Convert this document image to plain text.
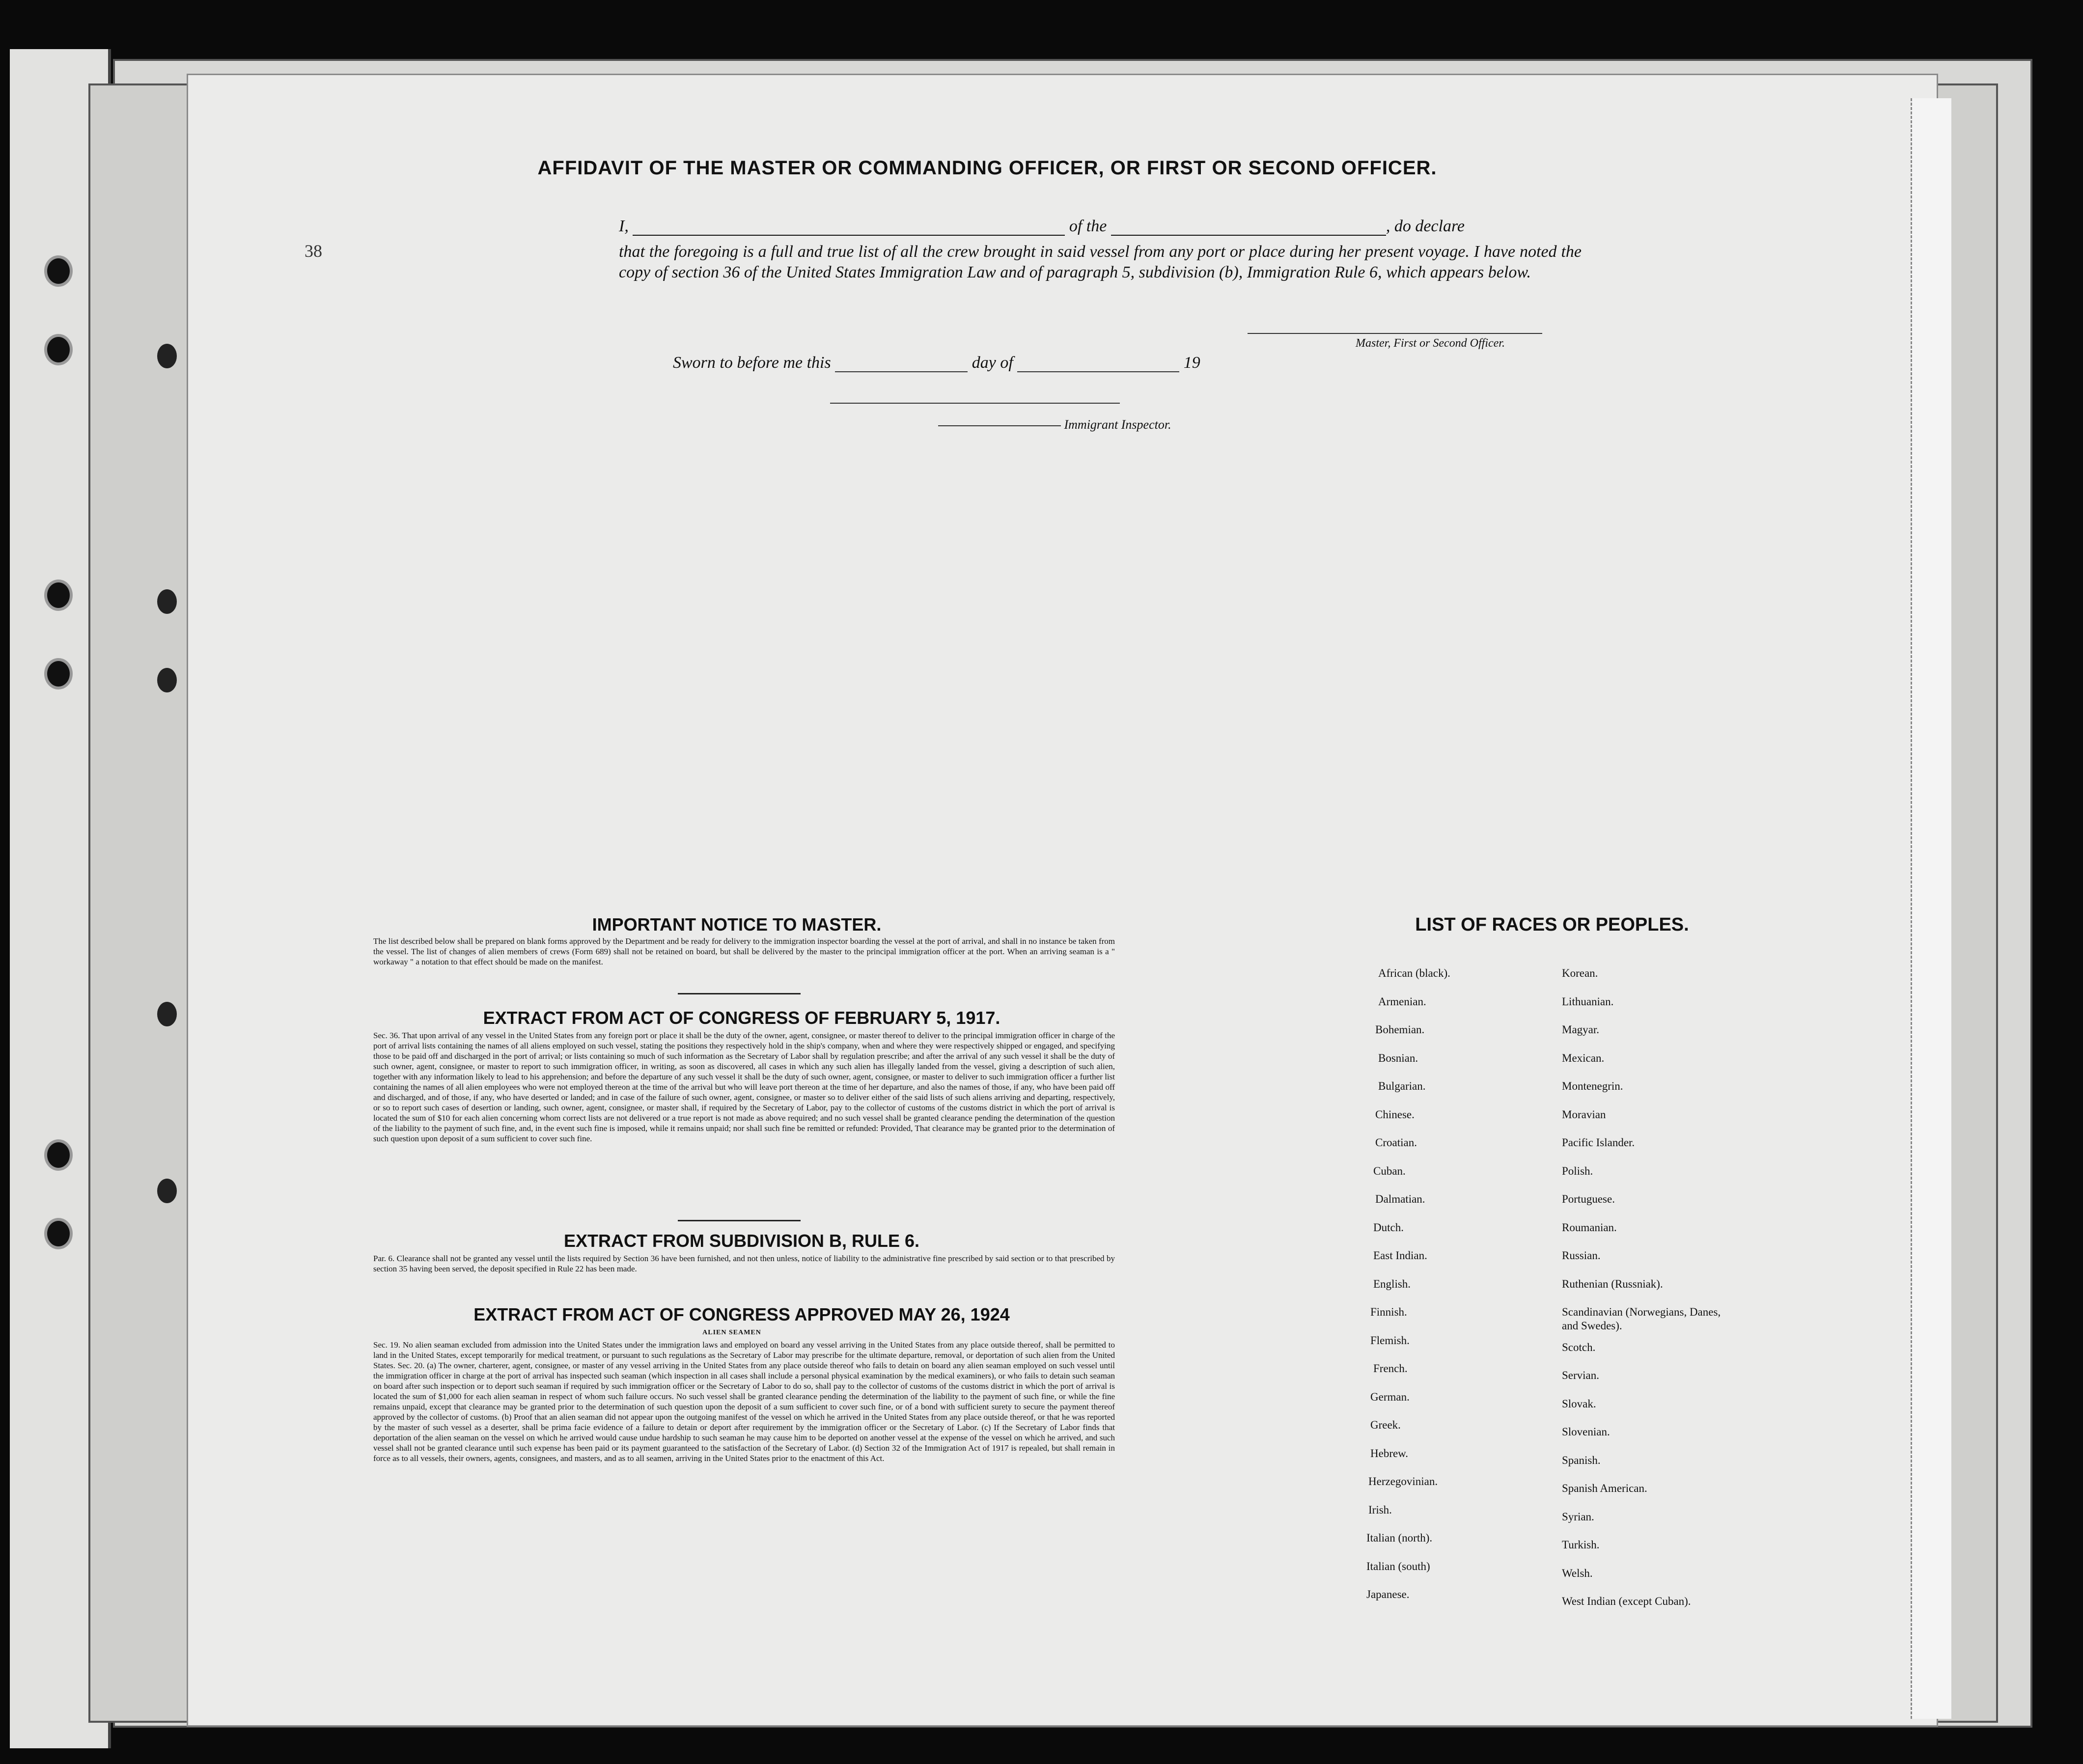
38
AFFIDAVIT OF THE MASTER OR COMMANDING OFFICER, OR FIRST OR SECOND OFFICER.
I,	of the	, do declare
that the foregoing is a full and true list of all the crew brought in said vessel from any port or place during her present voyage. I have noted the copy of section 36 of the United States Immigration Law and of paragraph 5, subdivision (b), Immigration Rule 6, which appears below.
Master, First or Second Officer.
Sworn to before me this	day of	19
Immigrant Inspector.
IMPORTANT NOTICE TO MASTER.
The list described below shall be prepared on blank forms approved by the Department and be ready for delivery to the immigration inspector boarding the vessel at the port of arrival, and shall in no instance be taken from the vessel. The list of changes of alien members of crews (Form 689) shall not be retained on board, but shall be delivered by the master to the principal immigration officer at the port. When an arriving seaman is a " workaway " a notation to that effect should be made on the manifest.
EXTRACT FROM ACT OF CONGRESS OF FEBRUARY 5, 1917.
Sec. 36. That upon arrival of any vessel in the United States from any foreign port or place it shall be the duty of the owner, agent, consignee, or master thereof to deliver to the principal immigration officer in charge of the port of arrival lists containing the names of all aliens employed on such vessel, stating the positions they respectively hold in the ship's company, when and where they were respectively shipped or engaged, and specifying those to be paid off and discharged in the port of arrival; or lists containing so much of such information as the Secretary of Labor shall by regulation prescribe; and after the arrival of any such vessel it shall be the duty of such owner, agent, consignee, or master to report to such immigration officer, in writing, as soon as discovered, all cases in which any such alien has illegally landed from the vessel, giving a description of such alien, together with any information likely to lead to his apprehension; and before the departure of any such vessel it shall be the duty of such owner, agent, consignee, or master to deliver to such immigration officer a further list containing the names of all alien employees who were not employed thereon at the time of the arrival but who will leave port thereon at the time of her departure, and also the names of those, if any, who have been paid off and discharged, and of those, if any, who have deserted or landed; and in case of the failure of such owner, agent, consignee, or master so to deliver either of the said lists of such aliens arriving and departing, respectively, or so to report such cases of desertion or landing, such owner, agent, consignee, or master shall, if required by the Secretary of Labor, pay to the collector of customs of the customs district in which the port of arrival is located the sum of $10 for each alien concerning whom correct lists are not delivered or a true report is not made as above required; and no such vessel shall be granted clearance pending the determination of the question of the liability to the payment of such fine, and, in the event such fine is imposed, while it remains unpaid; nor shall such fine be remitted or refunded: Provided, That clearance may be granted prior to the determination of such question upon deposit of a sum sufficient to cover such fine.
EXTRACT FROM SUBDIVISION B, RULE 6.
Par. 6. Clearance shall not be granted any vessel until the lists required by Section 36 have been furnished, and not then unless, notice of liability to the administrative fine prescribed by said section or to that prescribed by section 35 having been served, the deposit specified in Rule 22 has been made.
EXTRACT FROM ACT OF CONGRESS APPROVED MAY 26, 1924
ALIEN SEAMEN
Sec. 19. No alien seaman excluded from admission into the United States under the immigration laws and employed on board any vessel arriving in the United States from any place outside thereof, shall be permitted to land in the United States, except temporarily for medical treatment, or pursuant to such regulations as the Secretary of Labor may prescribe for the ultimate departure, removal, or deportation of such alien from the United States. Sec. 20. (a) The owner, charterer, agent, consignee, or master of any vessel arriving in the United States from any place outside thereof who fails to detain on board any alien seaman employed on such vessel until the immigration officer in charge at the port of arrival has inspected such seaman (which inspection in all cases shall include a personal physical examination by the medical examiners), or who fails to detain such seaman on board after such inspection or to deport such seaman if required by such immigration officer or the Secretary of Labor to do so, shall pay to the collector of customs of the customs district in which the port of arrival is located the sum of $1,000 for each alien seaman in respect of whom such failure occurs. No such vessel shall be granted clearance pending the determination of the liability to the payment of such fine, or while the fine remains unpaid, except that clearance may be granted prior to the determination of such question upon the deposit of a sum sufficient to cover such fine, or of a bond with sufficient surety to secure the payment thereof approved by the collector of customs. (b) Proof that an alien seaman did not appear upon the outgoing manifest of the vessel on which he arrived in the United States from any place outside thereof, or that he was reported by the master of such vessel as a deserter, shall be prima facie evidence of a failure to detain or deport after requirement by the immigration officer or the Secretary of Labor. (c) If the Secretary of Labor finds that deportation of the alien seaman on the vessel on which he arrived would cause undue hardship to such seaman he may cause him to be deported on another vessel at the expense of the vessel on which he arrived, and such vessel shall not be granted clearance until such expense has been paid or its payment guaranteed to the satisfaction of the Secretary of Labor. (d) Section 32 of the Immigration Act of 1917 is repealed, but shall remain in force as to all vessels, their owners, agents, consignees, and masters, and as to all seamen, arriving in the United States prior to the enactment of this Act.
LIST OF RACES OR PEOPLES.
African (black).
Armenian.
Bohemian.
Bosnian.
Bulgarian.
Chinese.
Croatian.
Cuban.
Dalmatian.
Dutch.
East Indian.
English.
Finnish.
Flemish.
French.
German.
Greek.
Hebrew.
Herzegovinian.
Irish.
Italian (north).
Italian (south)
Japanese.
Korean.
Lithuanian.
Magyar.
Mexican.
Montenegrin.
Moravian
Pacific Islander.
Polish.
Portuguese.
Roumanian.
Russian.
Ruthenian (Russniak).
Scandinavian (Norwegians, Danes, and Swedes).
Scotch.
Servian.
Slovak.
Slovenian.
Spanish.
Spanish American.
Syrian.
Turkish.
Welsh.
West Indian (except Cuban).
